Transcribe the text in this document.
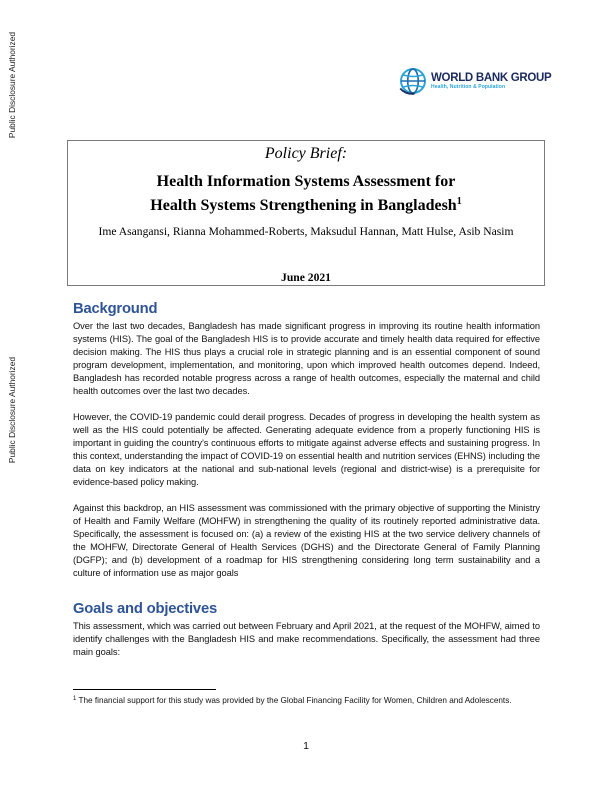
Public Disclosure Authorized
Public Disclosure Authorized
WORLD BANK GROUP
Health, Nutrition & Population
Policy Brief:
Health Information Systems Assessment for
Health Systems Strengthening in Bangladesh$^1$
Ime Asangansi, Rianna Mohammed-Roberts, Maksudul Hannan, Matt Hulse, Asib Nasim
June 2021
Background

Over the last two decades, Bangladesh has made significant progress in improving its routine health information systems (HIS). The goal of the Bangladesh HIS is to provide accurate and timely health data required for effective decision making. The HIS thus plays a crucial role in strategic planning and is an essential component of sound program development, implementation, and monitoring, upon which improved health outcomes depend. Indeed, Bangladesh has recorded notable progress across a range of health outcomes, especially the maternal and child health outcomes over the last two decades.

However, the COVID-19 pandemic could derail progress. Decades of progress in developing the health system as well as the HIS could potentially be affected. Generating adequate evidence from a properly functioning HIS is important in guiding the country’s continuous efforts to mitigate against adverse effects and sustaining progress. In this context, understanding the impact of COVID-19 on essential health and nutrition services (EHNS) including the data on key indicators at the national and sub-national levels (regional and district-wise) is a prerequisite for evidence-based policy making.

Against this backdrop, an HIS assessment was commissioned with the primary objective of supporting the Ministry of Health and Family Welfare (MOHFW) in strengthening the quality of its routinely reported administrative data. Specifically, the assessment is focused on: (a) a review of the existing HIS at the two service delivery channels of the MOHFW, Directorate General of Health Services (DGHS) and the Directorate General of Family Planning (DGFP); and (b) development of a roadmap for HIS strengthening considering long term sustainability and a culture of information use as major goals

Goals and objectives

This assessment, which was carried out between February and April 2021, at the request of the MOHFW, aimed to identify challenges with the Bangladesh HIS and make recommendations. Specifically, the assessment had three main goals:

$^1$ The financial support for this study was provided by the Global Financing Facility for Women, Children and Adolescents.
1
